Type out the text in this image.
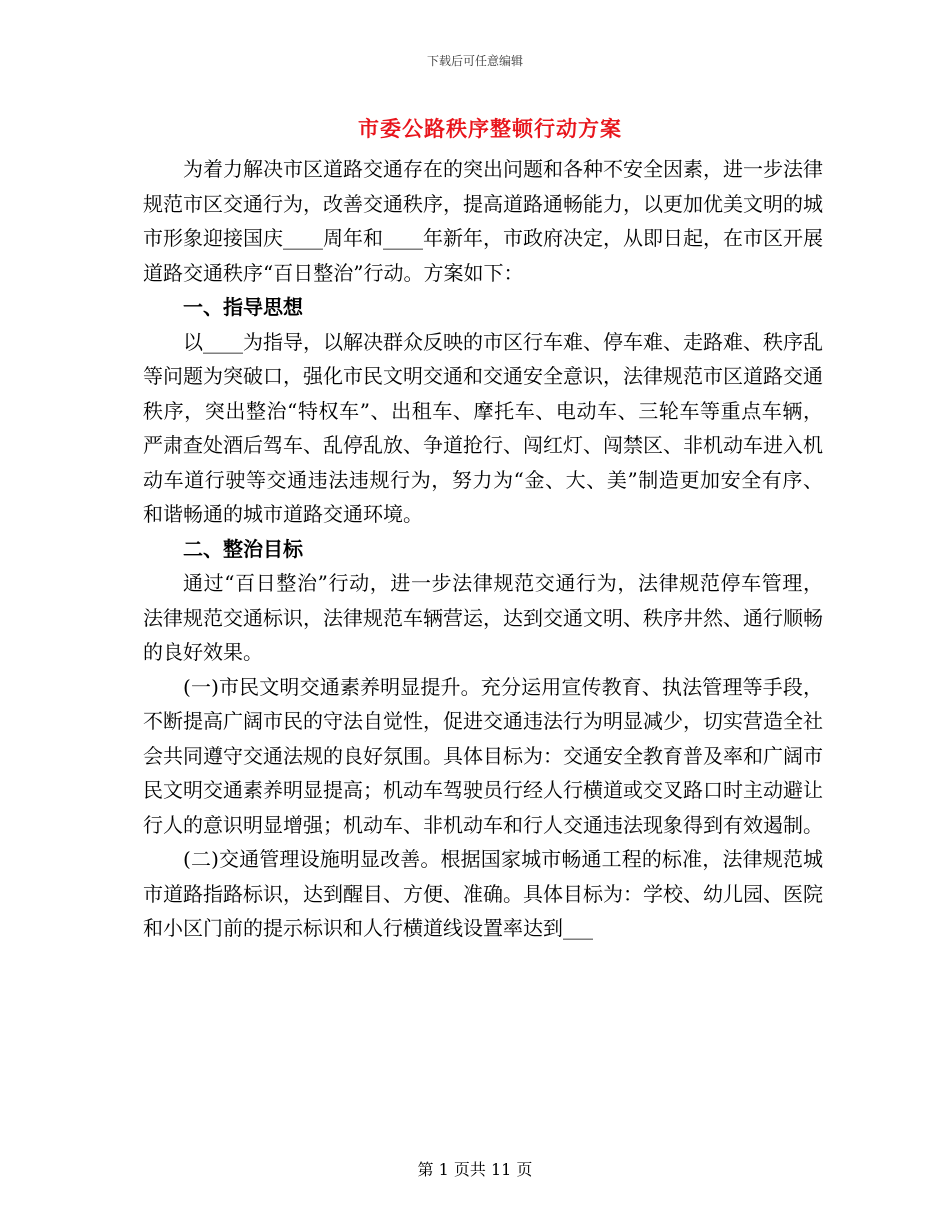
下载后可任意编辑
市委公路秩序整顿行动方案

为着力解决市区道路交通存在的突出问题和各种不安全因素，进一步法律规范市区交通行为，改善交通秩序，提高道路通畅能力，以更加优美文明的城市形象迎接国庆____周年和____年新年，市政府决定，从即日起，在市区开展道路交通秩序“百日整治”行动。方案如下：

一、指导思想

以____为指导，以解决群众反映的市区行车难、停车难、走路难、秩序乱等问题为突破口，强化市民文明交通和交通安全意识，法律规范市区道路交通秩序，突出整治“特权车”、出租车、摩托车、电动车、三轮车等重点车辆，严肃查处酒后驾车、乱停乱放、争道抢行、闯红灯、闯禁区、非机动车进入机动车道行驶等交通违法违规行为，努力为“金、大、美”制造更加安全有序、和谐畅通的城市道路交通环境。

二、整治目标

通过“百日整治”行动，进一步法律规范交通行为，法律规范停车管理，法律规范交通标识，法律规范车辆营运，达到交通文明、秩序井然、通行顺畅的良好效果。

(一)市民文明交通素养明显提升。充分运用宣传教育、执法管理等手段，不断提高广阔市民的守法自觉性，促进交通违法行为明显减少，切实营造全社会共同遵守交通法规的良好氛围。具体目标为：交通安全教育普及率和广阔市民文明交通素养明显提高；机动车驾驶员行经人行横道或交叉路口时主动避让行人的意识明显增强；机动车、非机动车和行人交通违法现象得到有效遏制。

(二)交通管理设施明显改善。根据国家城市畅通工程的标准，法律规范城市道路指路标识，达到醒目、方便、准确。具体目标为：学校、幼儿园、医院和小区门前的提示标识和人行横道线设置率达到___

第 1 页共 11 页
